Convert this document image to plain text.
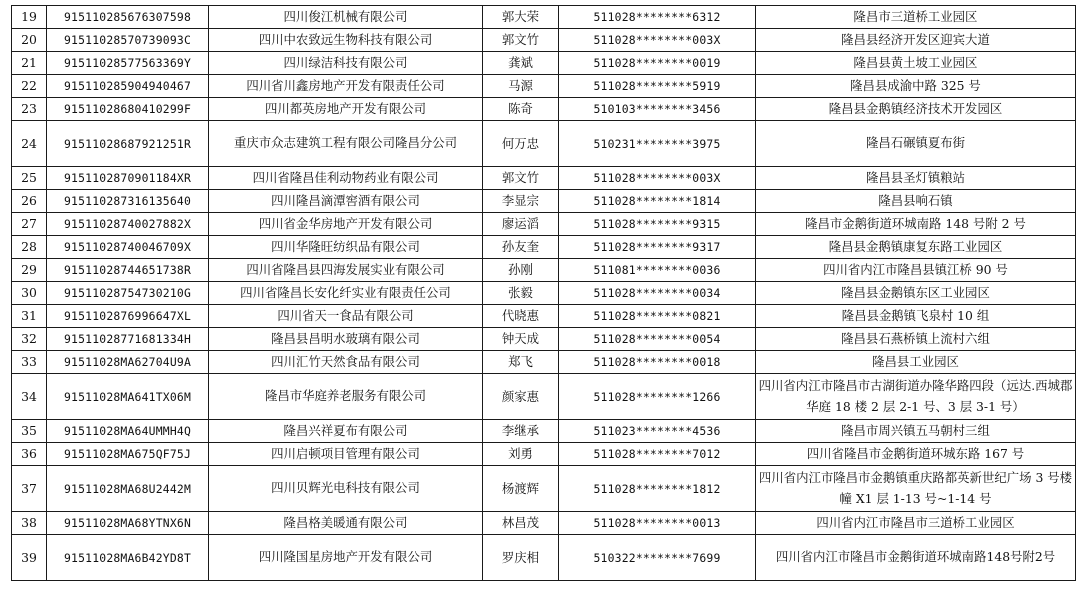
19	915110285676307598	四川俊江机械有限公司	郭大荣	511028********6312	隆昌市三道桥工业园区
20	91511028570739093C	四川中农致远生物科技有限公司	郭文竹	511028********003X	隆昌县经济开发区迎宾大道
21	91511028577563369Y	四川绿洁科技有限公司	龚斌	511028********0019	隆昌县黄土坡工业园区
22	915110285904940467	四川省川鑫房地产开发有限责任公司	马源	511028********5919	隆昌县成渝中路 325 号
23	91511028680410299F	四川都英房地产开发有限公司	陈奇	510103********3456	隆昌县金鹅镇经济技术开发园区
24	91511028687921251R	重庆市众志建筑工程有限公司隆昌分公司	何万忠	510231********3975	隆昌石碾镇夏布街
25	9151102870901184XR	四川省隆昌佳利动物药业有限公司	郭文竹	511028********003X	隆昌县圣灯镇粮站
26	915110287316135640	四川隆昌滴潭窖酒有限公司	李显宗	511028********1814	隆昌县响石镇
27	91511028740027882X	四川省金华房地产开发有限公司	廖运滔	511028********9315	隆昌市金鹅街道环城南路 148 号附 2 号
28	91511028740046709X	四川华隆旺纺织品有限公司	孙友奎	511028********9317	隆昌县金鹅镇康复东路工业园区
29	91511028744651738R	四川省隆昌县四海发展实业有限公司	孙刚	511081********0036	四川省内江市隆昌县镇江桥 90 号
30	91511028754730210G	四川省隆昌长安化纤实业有限责任公司	张毅	511028********0034	隆昌县金鹅镇东区工业园区
31	9151102876996647XL	四川省天一食品有限公司	代晓惠	511028********0821	隆昌县金鹅镇飞泉村 10 组
32	91511028771681334H	隆昌县昌明水玻璃有限公司	钟天成	511028********0054	隆昌县石燕桥镇上流村六组
33	91511028MA62704U9A	四川汇竹天然食品有限公司	郑飞	511028********0018	隆昌县工业园区
34	91511028MA641TX06M	隆昌市华庭养老服务有限公司	颜家惠	511028********1266	四川省内江市隆昌市古湖街道办隆华路四段（远达.西城郡华庭 18 楼 2 层 2-1 号、3 层 3-1 号）
35	91511028MA64UMMH4Q	隆昌兴祥夏布有限公司	李继承	511023********4536	隆昌市周兴镇五马朝村三组
36	91511028MA675QF75J	四川启顿项目管理有限公司	刘勇	511028********7012	四川省隆昌市金鹅街道环城东路 167 号
37	91511028MA68U2442M	四川贝辉光电科技有限公司	杨渡辉	511028********1812	四川省内江市隆昌市金鹅镇重庆路都英新世纪广场 3 号楼幢 X1 层 1-13 号~1-14 号
38	91511028MA68YTNX6N	隆昌格美暖通有限公司	林昌茂	511028********0013	四川省内江市隆昌市三道桥工业园区
39	91511028MA6B42YD8T	四川隆国星房地产开发有限公司	罗庆相	510322********7699	四川省内江市隆昌市金鹅街道环城南路148号附2号
